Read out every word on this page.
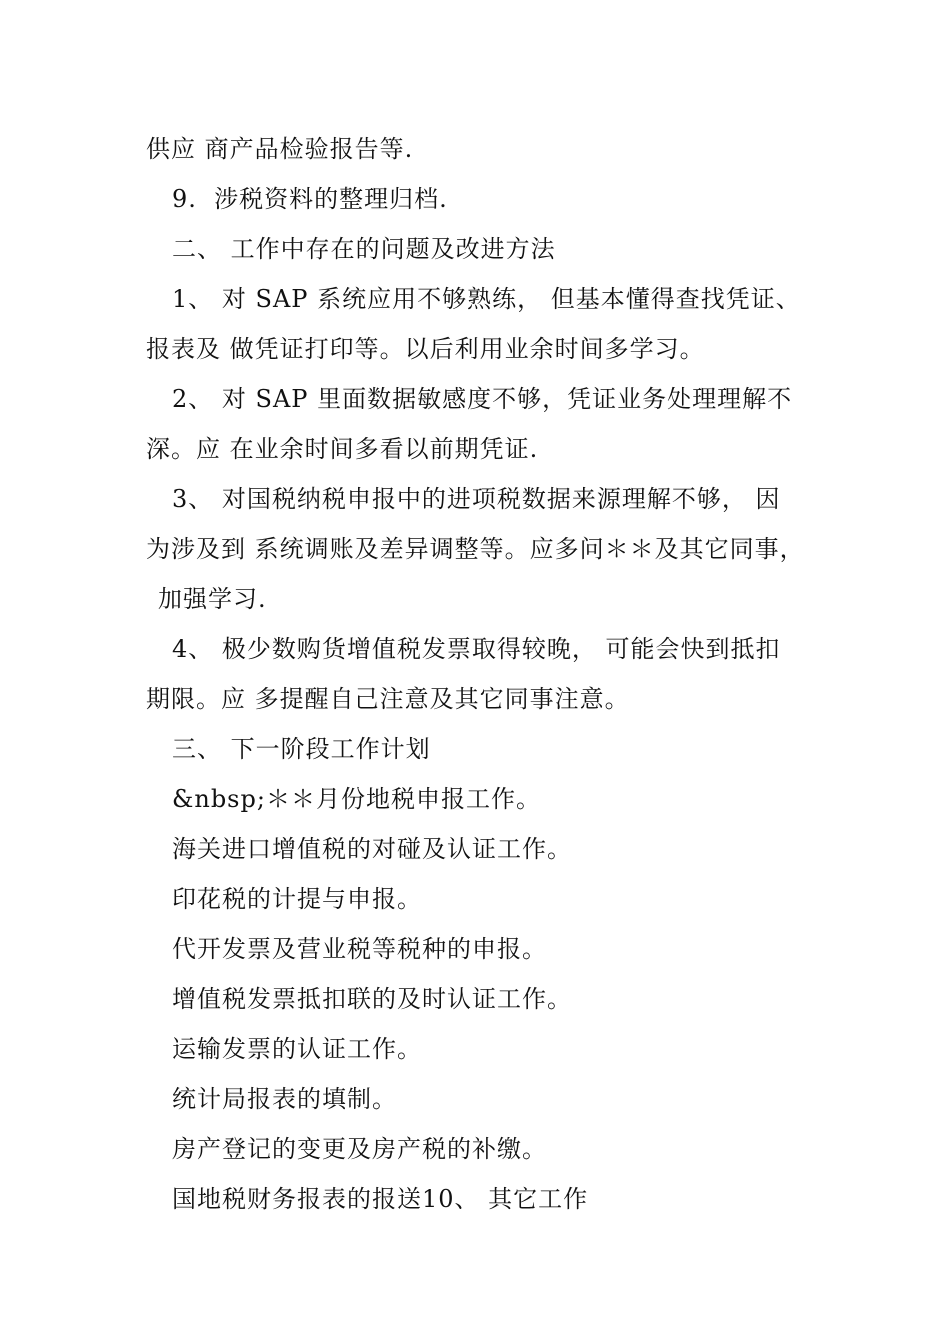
供应 商产品检验报告等.
9.  涉税资料的整理归档.
二、 工作中存在的问题及改进方法
1、 对 SAP 系统应用不够熟练， 但基本懂得查找凭证、
报表及 做凭证打印等。以后利用业余时间多学习。
2、 对 SAP 里面数据敏感度不够，凭证业务处理理解不
深。应 在业余时间多看以前期凭证.
3、 对国税纳税申报中的进项税数据来源理解不够， 因
为涉及到 系统调账及差异调整等。应多问＊＊及其它同事，
加强学习.
4、 极少数购货增值税发票取得较晚， 可能会快到抵扣
期限。应 多提醒自己注意及其它同事注意。
三、 下一阶段工作计划
&nbsp;＊＊月份地税申报工作。
海关进口增值税的对碰及认证工作。
印花税的计提与申报。
代开发票及营业税等税种的申报。
增值税发票抵扣联的及时认证工作。
运输发票的认证工作。
统计局报表的填制。
房产登记的变更及房产税的补缴。
国地税财务报表的报送10、 其它工作
